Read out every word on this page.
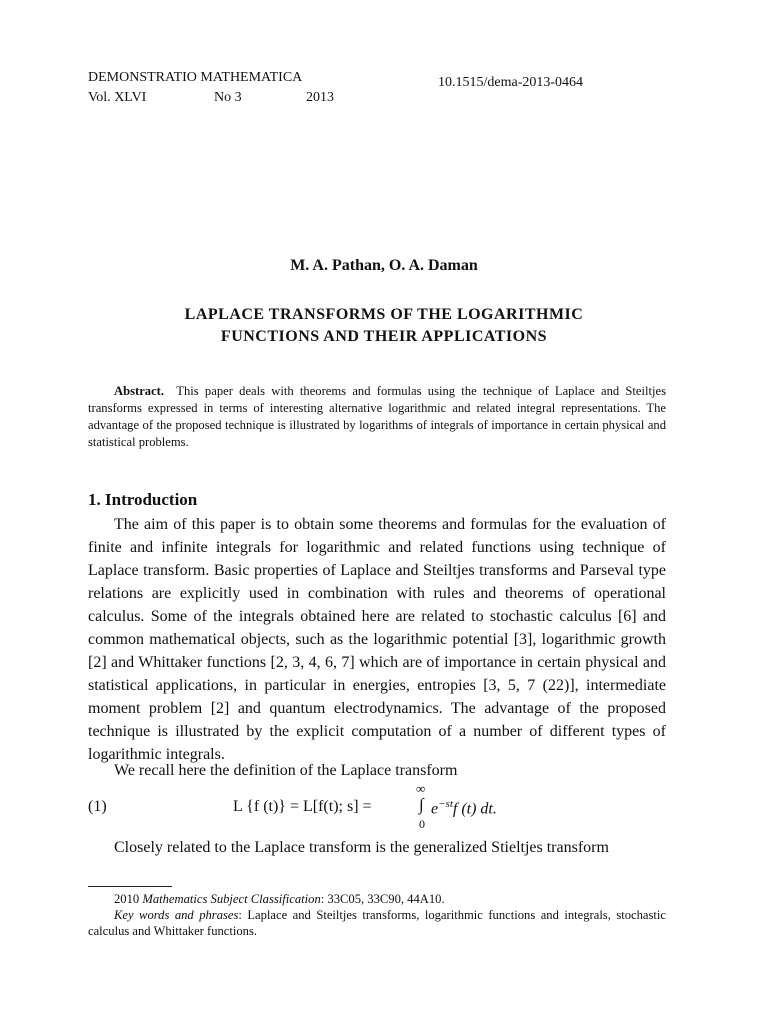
DEMONSTRATIO MATHEMATICA
Vol. XLVI	No 3	2013
10.1515/dema-2013-0464
M. A. Pathan, O. A. Daman
LAPLACE TRANSFORMS OF THE LOGARITHMIC
FUNCTIONS AND THEIR APPLICATIONS
Abstract. This paper deals with theorems and formulas using the technique of Laplace and Steiltjes transforms expressed in terms of interesting alternative logarithmic and related integral representations. The advantage of the proposed technique is illustrated by logarithms of integrals of importance in certain physical and statistical problems.
1. Introduction
The aim of this paper is to obtain some theorems and formulas for the evaluation of finite and infinite integrals for logarithmic and related functions using technique of Laplace transform. Basic properties of Laplace and Steiltjes transforms and Parseval type relations are explicitly used in combination with rules and theorems of operational calculus. Some of the integrals obtained here are related to stochastic calculus [6] and common mathematical objects, such as the logarithmic potential [3], logarithmic growth [2] and Whittaker functions [2, 3, 4, 6, 7] which are of importance in certain physical and statistical applications, in particular in energies, entropies [3, 5, 7 (22)], intermediate moment problem [2] and quantum electrodynamics. The advantage of the proposed technique is illustrated by the explicit computation of a number of different types of logarithmic integrals.
We recall here the definition of the Laplace transform
(1)	L {f (t)} = L[f(t); s] =
∞
∫
0
$e^{-st}f$ (t) dt.
Closely related to the Laplace transform is the generalized Stieltjes transform
2010 Mathematics Subject Classification: 33C05, 33C90, 44A10.
Key words and phrases: Laplace and Steiltjes transforms, logarithmic functions and integrals, stochastic calculus and Whittaker functions.
